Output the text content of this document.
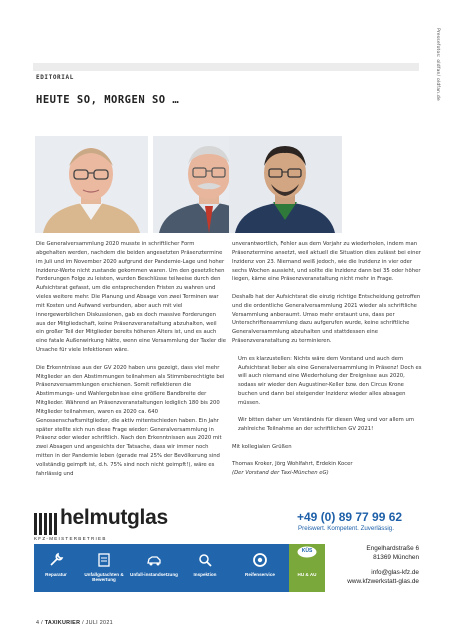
Pressefotos: oldfan/ oldfan.de
EDITORIAL
HEUTE SO, MORGEN SO …

Die Generalversammlung 2020 musste in schriftlicher Form abgehalten werden, nachdem die beiden angesetzten Präsenztermine im Juli und im November 2020 aufgrund der Pandemie-Lage und hoher Inzidenz-Werte nicht zustande gekommen waren. Um den gesetzlichen Forderungen Folge zu leisten, wurden Beschlüsse teilweise durch den Aufsichtsrat gefasst, um die entsprechenden Fristen zu wahren und vieles weitere mehr. Die Planung und Absage von zwei Terminen war mit Kosten und Aufwand verbunden, aber auch mit viel innergewerblichen Diskussionen, gab es doch massive Forderungen aus der Mitgliedschaft, keine Präsenzveranstaltung abzuhalten, weil ein großer Teil der Mitglieder bereits höheren Alters ist, und es auch eine fatale Außenwirkung hätte, wenn eine Versammlung der Taxler die Ursache für viele Infektionen wäre.

Die Erkenntnisse aus der GV 2020 haben uns gezeigt, dass viel mehr Mitglieder an den Abstimmungen teilnahmen als Stimmberechtigte bei Präsenzversammlungen erschienen. Somit reflektieren die Abstimmungs- und Wahlergebnisse eine größere Bandbreite der Mitglieder. Während an Präsenzveranstaltungen lediglich 180 bis 200 Mitglieder teilnahmen, waren es 2020 ca. 640 Genossenschaftsmitglieder, die aktiv mitentschieden haben. Ein Jahr später stellte sich nun diese Frage wieder: Generalversammlung in Präsenz oder wieder schriftlich. Nach den Erkenntnissen aus 2020 mit zwei Absagen und angesichts der Tatsache, dass wir immer noch mitten in der Pandemie leben (gerade mal 25% der Bevölkerung sind vollständig geimpft ist, d.h. 75% sind noch nicht geimpft!), wäre es fahrlässig und

unverantwortlich, Fehler aus dem Vorjahr zu wiederholen, indem man Präsenztermine ansetzt, weil aktuell die Situation dies zulässt bei einer Inzidenz von 23. Niemand weiß jedoch, wie die Inzidenz in vier oder sechs Wochen aussieht, und sollte die Inzidenz dann bei 35 oder höher liegen, käme eine Präsenzveranstaltung nicht mehr in Frage.

Deshalb hat der Aufsichtsrat die einzig richtige Entscheidung getroffen und die ordentliche Generalversammlung 2021 wieder als schriftliche Versammlung anberaumt. Umso mehr erstaunt uns, dass per Unterschriftensammlung dazu aufgerufen wurde, keine schriftliche Generalversammlung abzuhalten und stattdessen eine Präsenzveranstaltung zu terminieren.

Um es klarzustellen: Nichts wäre dem Vorstand und auch dem Aufsichtsrat lieber als eine Generalversammlung in Präsenz! Doch es will auch niemand eine Wiederholung der Ereignisse aus 2020, sodass wir wieder den Augustiner-Keller bzw. den Circus Krone buchen und dann bei steigender Inzidenz wieder alles absagen müssen.

Wir bitten daher um Verständnis für diesen Weg und vor allem um zahlreiche Teilnahme an der schriftlichen GV 2021!

Mit kollegialen Grüßen

Thomas Kroker, Jörg Wohlfahrt, Erdekin Kocer
(Der Vorstand der Taxi-München eG)
helmutglas
KFZ-MEISTERBETRIEB
+49 (0) 89 77 99 62
Preiswert. Kompetent. Zuverlässig.
Reparatur	Unfallgutachten & Bewertung
Unfall-instandsetzung	Inspektion	Reifenservice
KÜS
HU & AU
Engelhardstraße 6
81369 München
info@glas-kfz.de
www.kfzwerkstatt-glas.de
4 / TAXIKURIER / JULI 2021
